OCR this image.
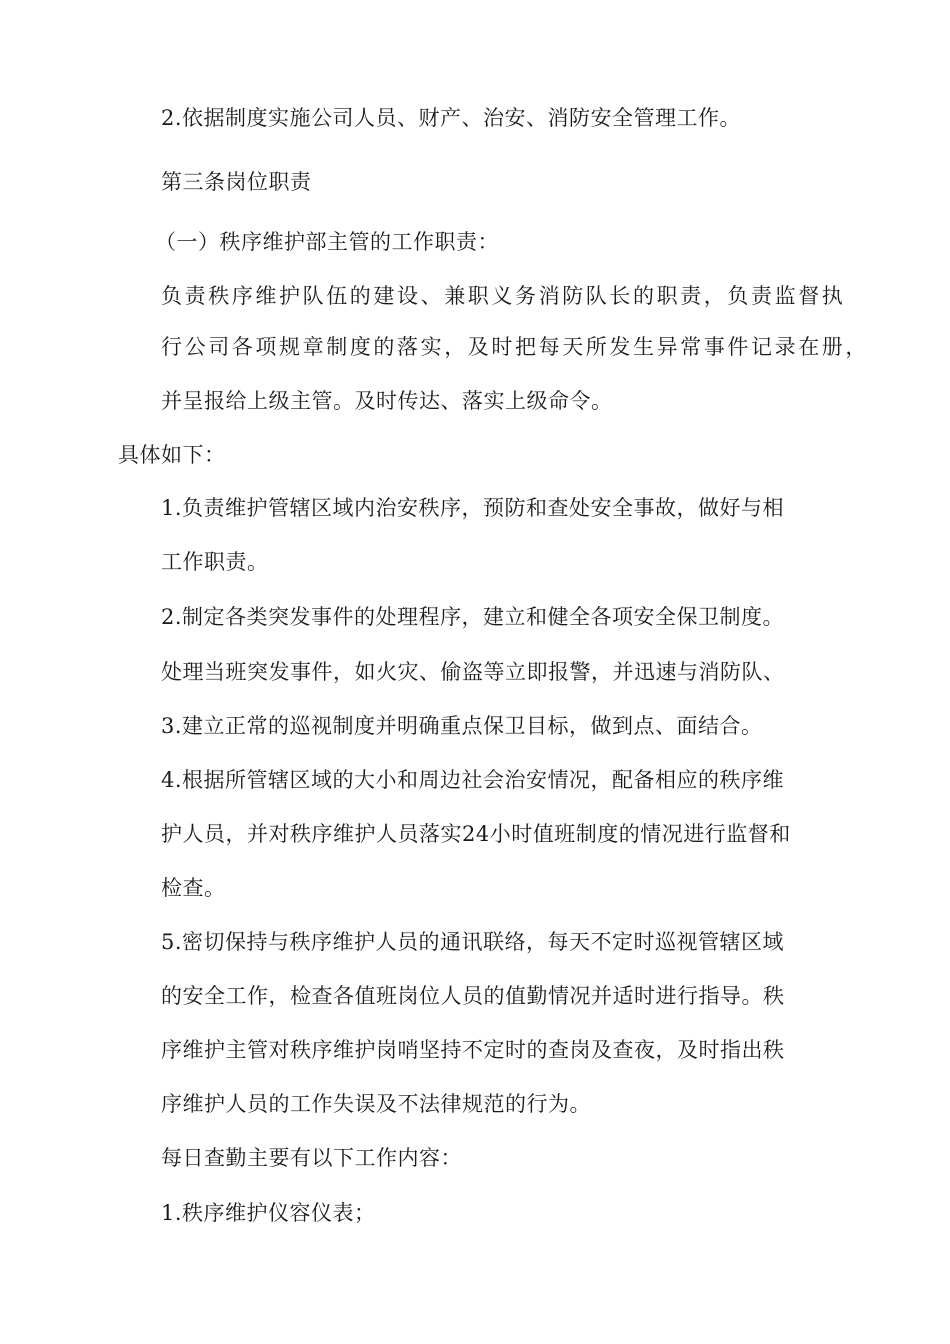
2.依据制度实施公司人员、财产、治安、消防安全管理工作。
第三条岗位职责
（一）秩序维护部主管的工作职责：
负责秩序维护队伍的建设、兼职义务消防队长的职责，负责监督执
行公司各项规章制度的落实，及时把每天所发生异常事件记录在册，
并呈报给上级主管。及时传达、落实上级命令。
具体如下：
1.负责维护管辖区域内治安秩序，预防和查处安全事故，做好与相
工作职责。
2.制定各类突发事件的处理程序，建立和健全各项安全保卫制度。
处理当班突发事件，如火灾、偷盗等立即报警，并迅速与消防队、
3.建立正常的巡视制度并明确重点保卫目标，做到点、面结合。
4.根据所管辖区域的大小和周边社会治安情况，配备相应的秩序维
护人员，并对秩序维护人员落实24小时值班制度的情况进行监督和
检查。
5.密切保持与秩序维护人员的通讯联络，每天不定时巡视管辖区域
的安全工作，检查各值班岗位人员的值勤情况并适时进行指导。秩
序维护主管对秩序维护岗哨坚持不定时的查岗及查夜，及时指出秩
序维护人员的工作失误及不法律规范的行为。
每日查勤主要有以下工作内容：
1.秩序维护仪容仪表；
